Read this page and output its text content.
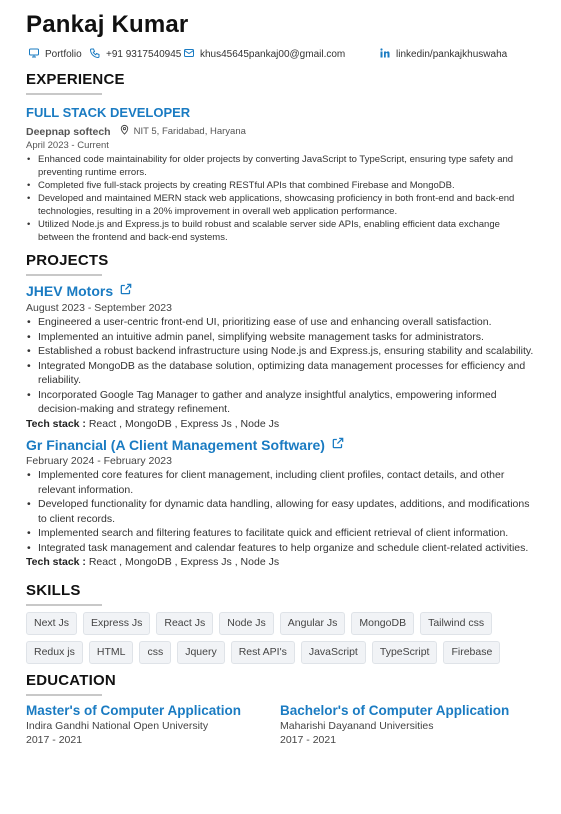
Pankaj Kumar
Portfolio +91 9317540945 khus45645pankaj00@gmail.com	linkedin/pankajkhuswaha
EXPERIENCE
FULL STACK DEVELOPER
Deepnap softech NIT 5, Faridabad, Haryana
April 2023 - Current
• Enhanced code maintainability for older projects by converting JavaScript to TypeScript, ensuring type safety and preventing runtime errors.
• Completed five full-stack projects by creating RESTful APIs that combined Firebase and MongoDB.
• Developed and maintained MERN stack web applications, showcasing proficiency in both front-end and back-end technologies, resulting in a 20% improvement in overall web application performance.
• Utilized Node.js and Express.js to build robust and scalable server side APIs, enabling efficient data exchange between the frontend and back-end systems.
PROJECTS
JHEV Motors
August 2023 - September 2023
• Engineered a user-centric front-end UI, prioritizing ease of use and enhancing overall satisfaction.
• Implemented an intuitive admin panel, simplifying website management tasks for administrators.
• Established a robust backend infrastructure using Node.js and Express.js, ensuring stability and scalability.
• Integrated MongoDB as the database solution, optimizing data management processes for efficiency and reliability.
• Incorporated Google Tag Manager to gather and analyze insightful analytics, empowering informed decision-making and strategy refinement.
Tech stack : React , MongoDB , Express Js , Node Js
Gr Financial (A Client Management Software)
February 2024 - February 2023
• Implemented core features for client management, including client profiles, contact details, and other relevant information.
• Developed functionality for dynamic data handling, allowing for easy updates, additions, and modifications to client records.
• Implemented search and filtering features to facilitate quick and efficient retrieval of client information.
• Integrated task management and calendar features to help organize and schedule client-related activities.
Tech stack : React , MongoDB , Express Js , Node Js
SKILLS
Next Js	Express Js	React Js	Node Js	Angular Js	MongoDB	Tailwind css
Redux js	HTML	css	Jquery	Rest API's	JavaScript	TypeScript	Firebase
EDUCATION
Master's of Computer Application
Indira Gandhi National Open University
2017 - 2021
Bachelor's of Computer Application
Maharishi Dayanand Universities
2017 - 2021
